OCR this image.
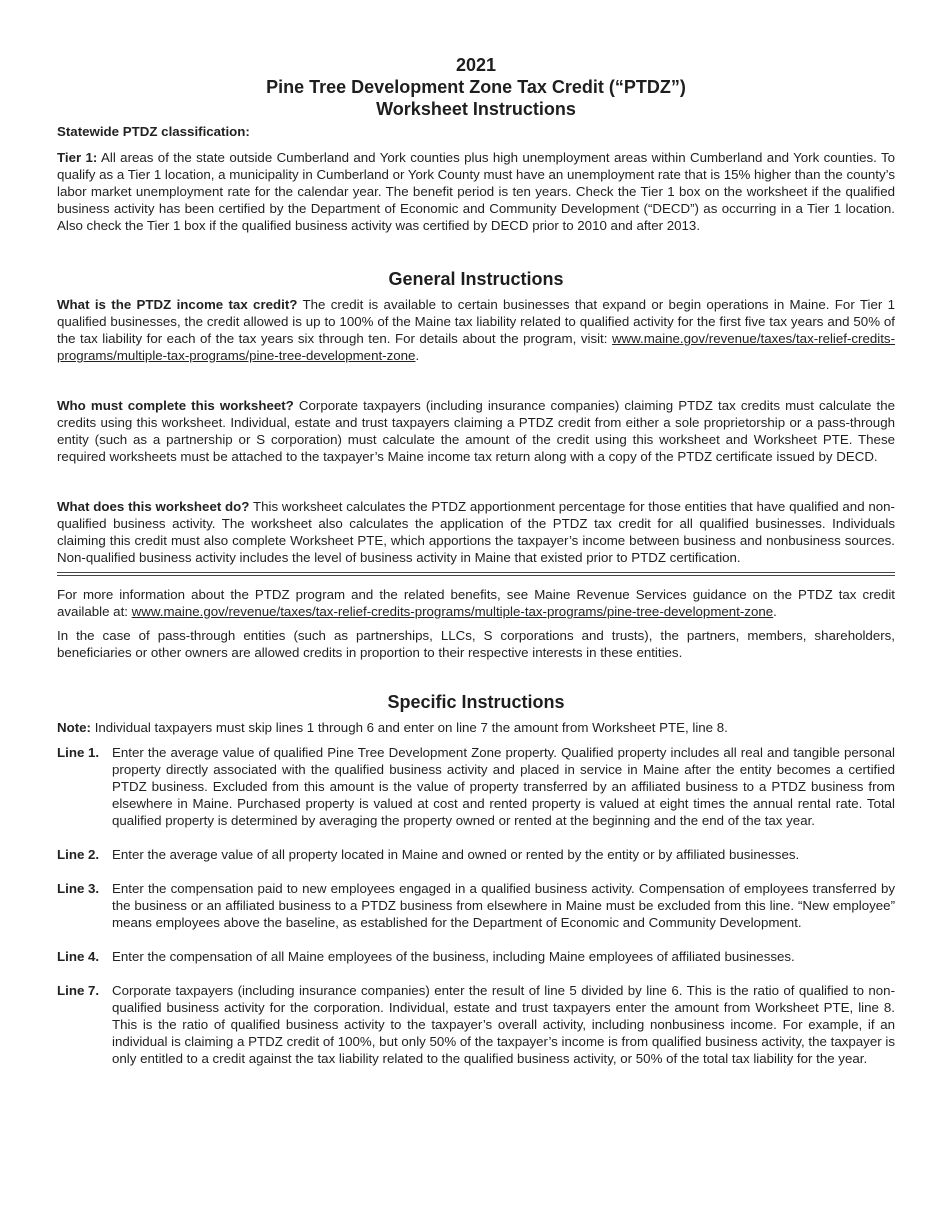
2021
Pine Tree Development Zone Tax Credit (“PTDZ”)
Worksheet Instructions

Statewide PTDZ classification:

Tier 1: All areas of the state outside Cumberland and York counties plus high unemployment areas within Cumberland and York counties. To qualify as a Tier 1 location, a municipality in Cumberland or York County must have an unemployment rate that is 15% higher than the county’s labor market unemployment rate for the calendar year. The benefit period is ten years. Check the Tier 1 box on the worksheet if the qualified business activity has been certified by the Department of Economic and Community Development (“DECD”) as occurring in a Tier 1 location. Also check the Tier 1 box if the qualified business activity was certified by DECD prior to 2010 and after 2013.

General Instructions

What is the PTDZ income tax credit? The credit is available to certain businesses that expand or begin operations in Maine. For Tier 1 qualified businesses, the credit allowed is up to 100% of the Maine tax liability related to qualified activity for the first five tax years and 50% of the tax liability for each of the tax years six through ten. For details about the program, visit: www.maine.gov/revenue/taxes/tax-relief-credits-programs/multiple-tax-programs/pine-tree-development-zone.

Who must complete this worksheet? Corporate taxpayers (including insurance companies) claiming PTDZ tax credits must calculate the credits using this worksheet. Individual, estate and trust taxpayers claiming a PTDZ credit from either a sole proprietorship or a pass-through entity (such as a partnership or S corporation) must calculate the amount of the credit using this worksheet and Worksheet PTE. These required worksheets must be attached to the taxpayer’s Maine income tax return along with a copy of the PTDZ certificate issued by DECD.

What does this worksheet do? This worksheet calculates the PTDZ apportionment percentage for those entities that have qualified and non-qualified business activity. The worksheet also calculates the application of the PTDZ tax credit for all qualified businesses. Individuals claiming this credit must also complete Worksheet PTE, which apportions the taxpayer’s income between business and nonbusiness sources. Non-qualified business activity includes the level of business activity in Maine that existed prior to PTDZ certification.

For more information about the PTDZ program and the related benefits, see Maine Revenue Services guidance on the PTDZ tax credit available at: www.maine.gov/revenue/taxes/tax-relief-credits-programs/multiple-tax-programs/pine-tree-development-zone.

In the case of pass-through entities (such as partnerships, LLCs, S corporations and trusts), the partners, members, shareholders, beneficiaries or other owners are allowed credits in proportion to their respective interests in these entities.

Specific Instructions

Note: Individual taxpayers must skip lines 1 through 6 and enter on line 7 the amount from Worksheet PTE, line 8.

Line 1. Enter the average value of qualified Pine Tree Development Zone property. Qualified property includes all real and tangible personal property directly associated with the qualified business activity and placed in service in Maine after the entity becomes a certified PTDZ business. Excluded from this amount is the value of property transferred by an affiliated business to a PTDZ business from elsewhere in Maine. Purchased property is valued at cost and rented property is valued at eight times the annual rental rate. Total qualified property is determined by averaging the property owned or rented at the beginning and the end of the tax year.
Line 2. Enter the average value of all property located in Maine and owned or rented by the entity or by affiliated businesses.
Line 3. Enter the compensation paid to new employees engaged in a qualified business activity. Compensation of employees transferred by the business or an affiliated business to a PTDZ business from elsewhere in Maine must be excluded from this line. “New employee” means employees above the baseline, as established for the Department of Economic and Community Development.
Line 4. Enter the compensation of all Maine employees of the business, including Maine employees of affiliated businesses.
Line 7. Corporate taxpayers (including insurance companies) enter the result of line 5 divided by line 6. This is the ratio of qualified to non-qualified business activity for the corporation. Individual, estate and trust taxpayers enter the amount from Worksheet PTE, line 8. This is the ratio of qualified business activity to the taxpayer’s overall activity, including nonbusiness income. For example, if an individual is claiming a PTDZ credit of 100%, but only 50% of the taxpayer’s income is from qualified business activity, the taxpayer is only entitled to a credit against the tax liability related to the qualified business activity, or 50% of the total tax liability for the year.
